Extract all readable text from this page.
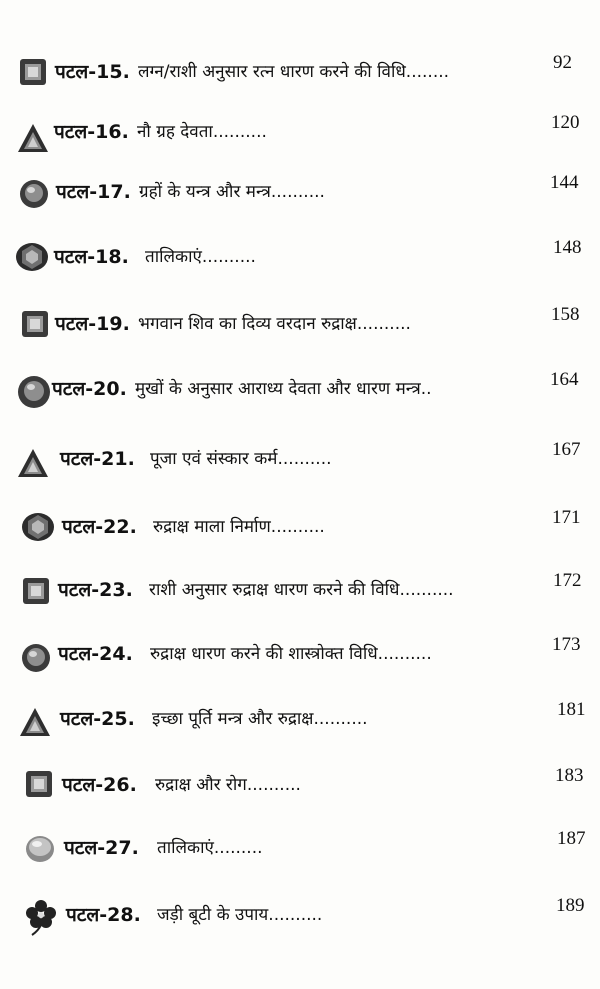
पटल-15. लग्न/राशी अनुसार रत्न धारण करने की विधि........	92
पटल-16. नौ ग्रह देवता..........	120
पटल-17. ग्रहों के यन्त्र और मन्त्र..........	144
पटल-18. तालिकाएं..........	148
पटल-19. भगवान शिव का दिव्य वरदान रुद्राक्ष..........	158
पटल-20. मुखों के अनुसार आराध्य देवता और धारण मन्त्र..	164
पटल-21. पूजा एवं संस्कार कर्म..........	167
पटल-22. रुद्राक्ष माला निर्माण..........	171
पटल-23. राशी अनुसार रुद्राक्ष धारण करने की विधि..........	172
पटल-24. रुद्राक्ष धारण करने की शास्त्रोक्त विधि..........	173
पटल-25. इच्छा पूर्ति मन्त्र और रुद्राक्ष..........	181
पटल-26. रुद्राक्ष और रोग..........	183
पटल-27. तालिकाएं.........	187
पटल-28. जड़ी बूटी के उपाय..........	189
